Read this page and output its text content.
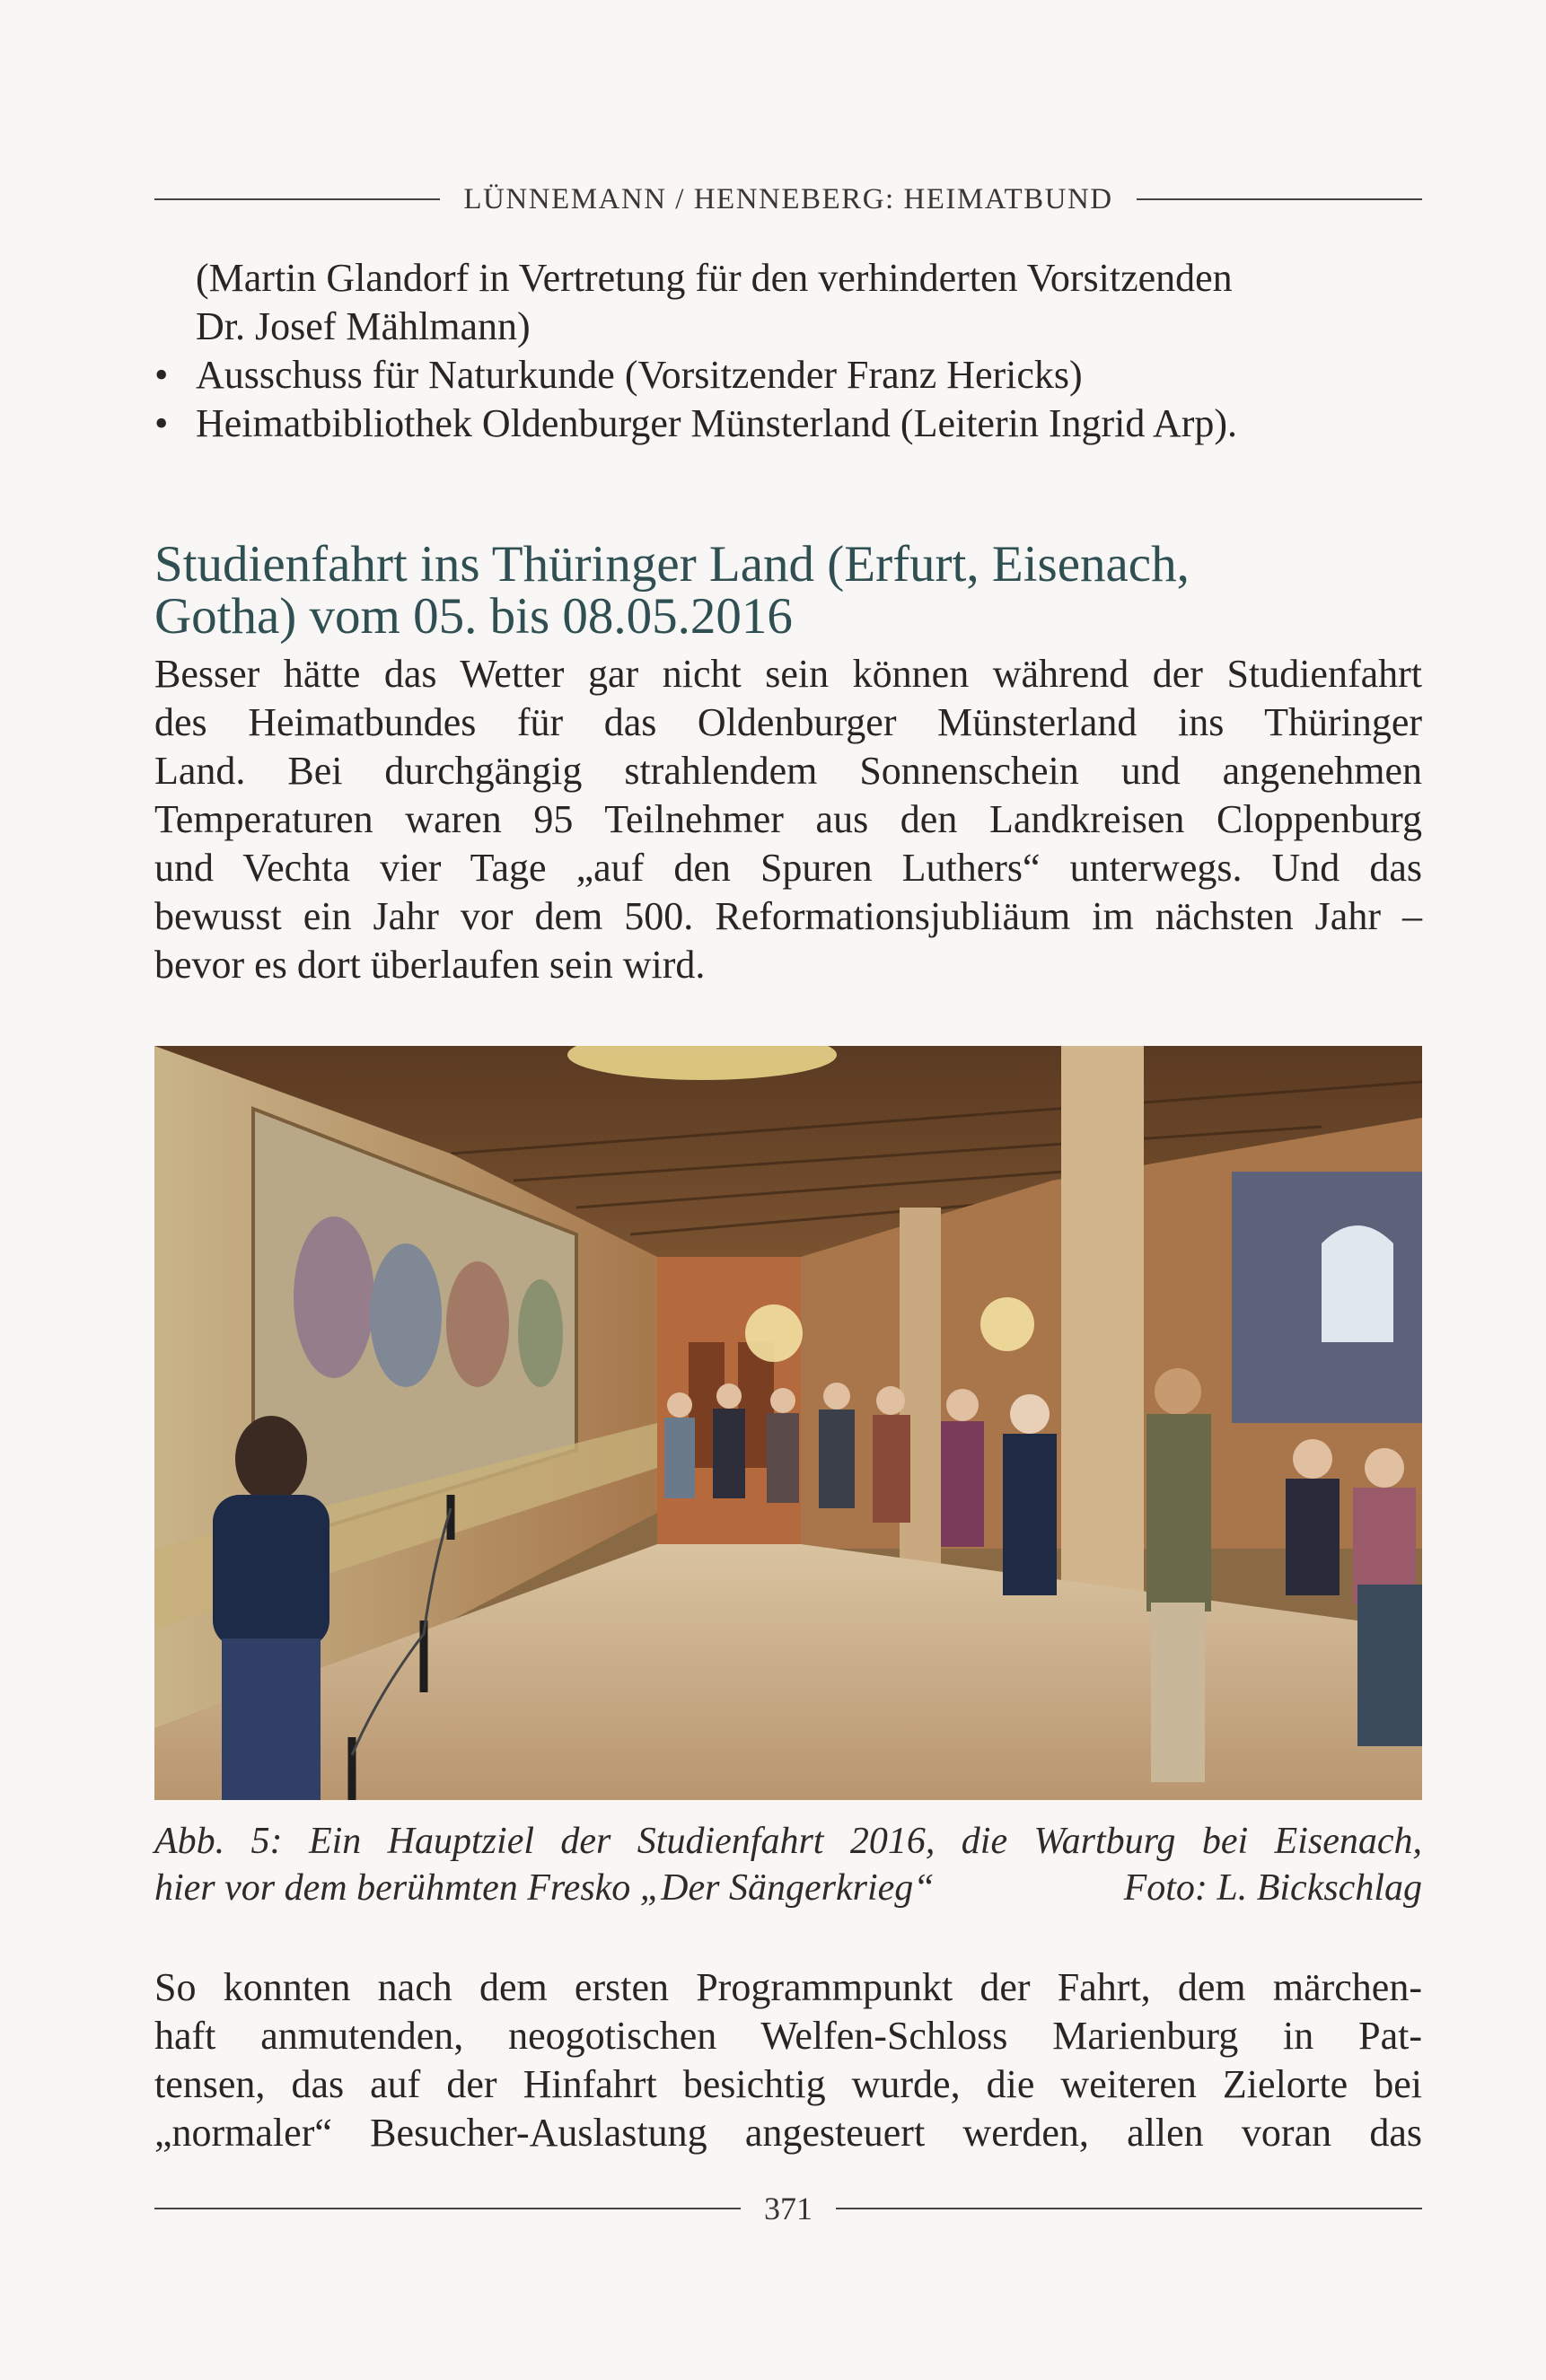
LÜNNEMANN / HENNEBERG: HEIMATBUND
(Martin Glandorf in Vertretung für den verhinderten Vorsitzenden
Dr. Josef Mählmann)
• Ausschuss für Naturkunde (Vorsitzender Franz Hericks)
• Heimatbibliothek Oldenburger Münsterland (Leiterin Ingrid Arp).
Studienfahrt ins Thüringer Land (Erfurt, Eisenach,
Gotha) vom 05. bis 08.05.2016
Besser hätte das Wetter gar nicht sein können während der Studienfahrt
des Heimatbundes für das Oldenburger Münsterland ins Thüringer
Land. Bei durchgängig strahlendem Sonnenschein und angenehmen
Temperaturen waren 95 Teilnehmer aus den Landkreisen Cloppenburg
und Vechta vier Tage „auf den Spuren Luthers“ unterwegs. Und das
bewusst ein Jahr vor dem 500. Reformationsjubliäum im nächsten Jahr –
bevor es dort überlaufen sein wird.
Abb. 5: Ein Hauptziel der Studienfahrt 2016, die Wartburg bei Eisenach,
hier vor dem berühmten Fresko „Der Sängerkrieg“	Foto: L. Bickschlag
So konnten nach dem ersten Programmpunkt der Fahrt, dem märchen-
haft anmutenden, neogotischen Welfen-Schloss Marienburg in Pat-
tensen, das auf der Hinfahrt besichtig wurde, die weiteren Zielorte bei
„normaler“ Besucher-Auslastung angesteuert werden, allen voran das
371
